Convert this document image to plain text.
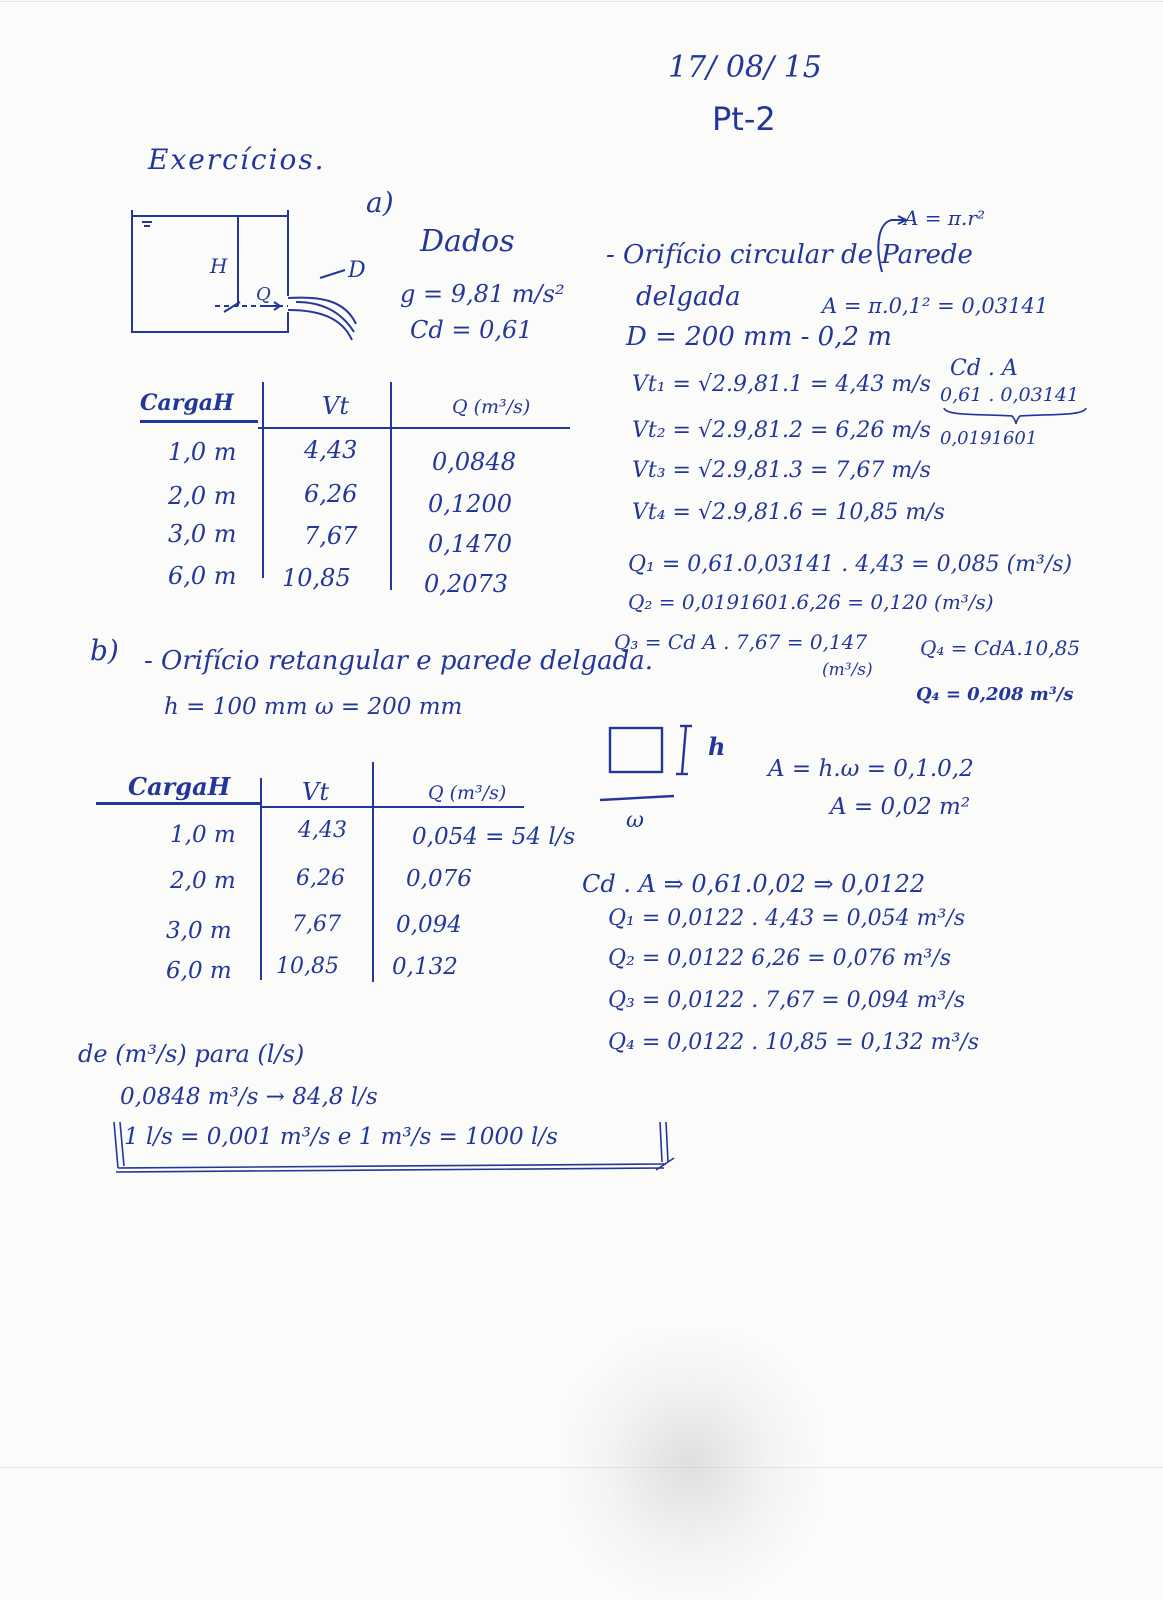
17/ 08/ 15
Pt-2
Exercícios.
a)
H
Q
D
Dados
g = 9,81 m/s²
Cd = 0,61
CargaH	Vt	Q (m³/s)
1,0 m	4,43	0,0848
2,0 m	6,26	0,1200
3,0 m	7,67	0,1470
6,0 m 10,85	0,2073
A = π.r²
- Orifício circular de Parede
delgada	A = π.0,1² = 0,03141
D = 200 mm - 0,2 m
Vt₁ = √2.9,81.1 = 4,43 m/s
Vt₂ = √2.9,81.2 = 6,26 m/s
Vt₃ = √2.9,81.3 = 7,67 m/s
Vt₄ = √2.9,81.6 = 10,85 m/s
Cd . A
0,61 . 0,03141
0,0191601
Q₁ = 0,61.0,03141 . 4,43 = 0,085 (m³/s)
Q₂ = 0,0191601.6,26 = 0,120 (m³/s)
Q₃ = Cd A . 7,67 = 0,147
(m³/s)
Q₄ = CdA.10,85
Q₄ = 0,208 m³/s
b) - Orifício retangular e parede delgada.
h = 100 mm ω = 200 mm
h
ω
A = h.ω = 0,1.0,2
A = 0,02 m²
CargaH	Vt	Q (m³/s)
1,0 m	4,43	0,054 = 54 l/s
2,0 m	6,26	0,076
3,0 m	7,67 0,094
6,0 m 10,85 0,132
Cd . A ⇒ 0,61.0,02 ⇒ 0,0122
Q₁ = 0,0122 . 4,43 = 0,054 m³/s
Q₂ = 0,0122 6,26 = 0,076 m³/s
Q₃ = 0,0122 . 7,67 = 0,094 m³/s
Q₄ = 0,0122 . 10,85 = 0,132 m³/s
de (m³/s) para (l/s)
0,0848 m³/s → 84,8 l/s
1 l/s = 0,001 m³/s e 1 m³/s = 1000 l/s
